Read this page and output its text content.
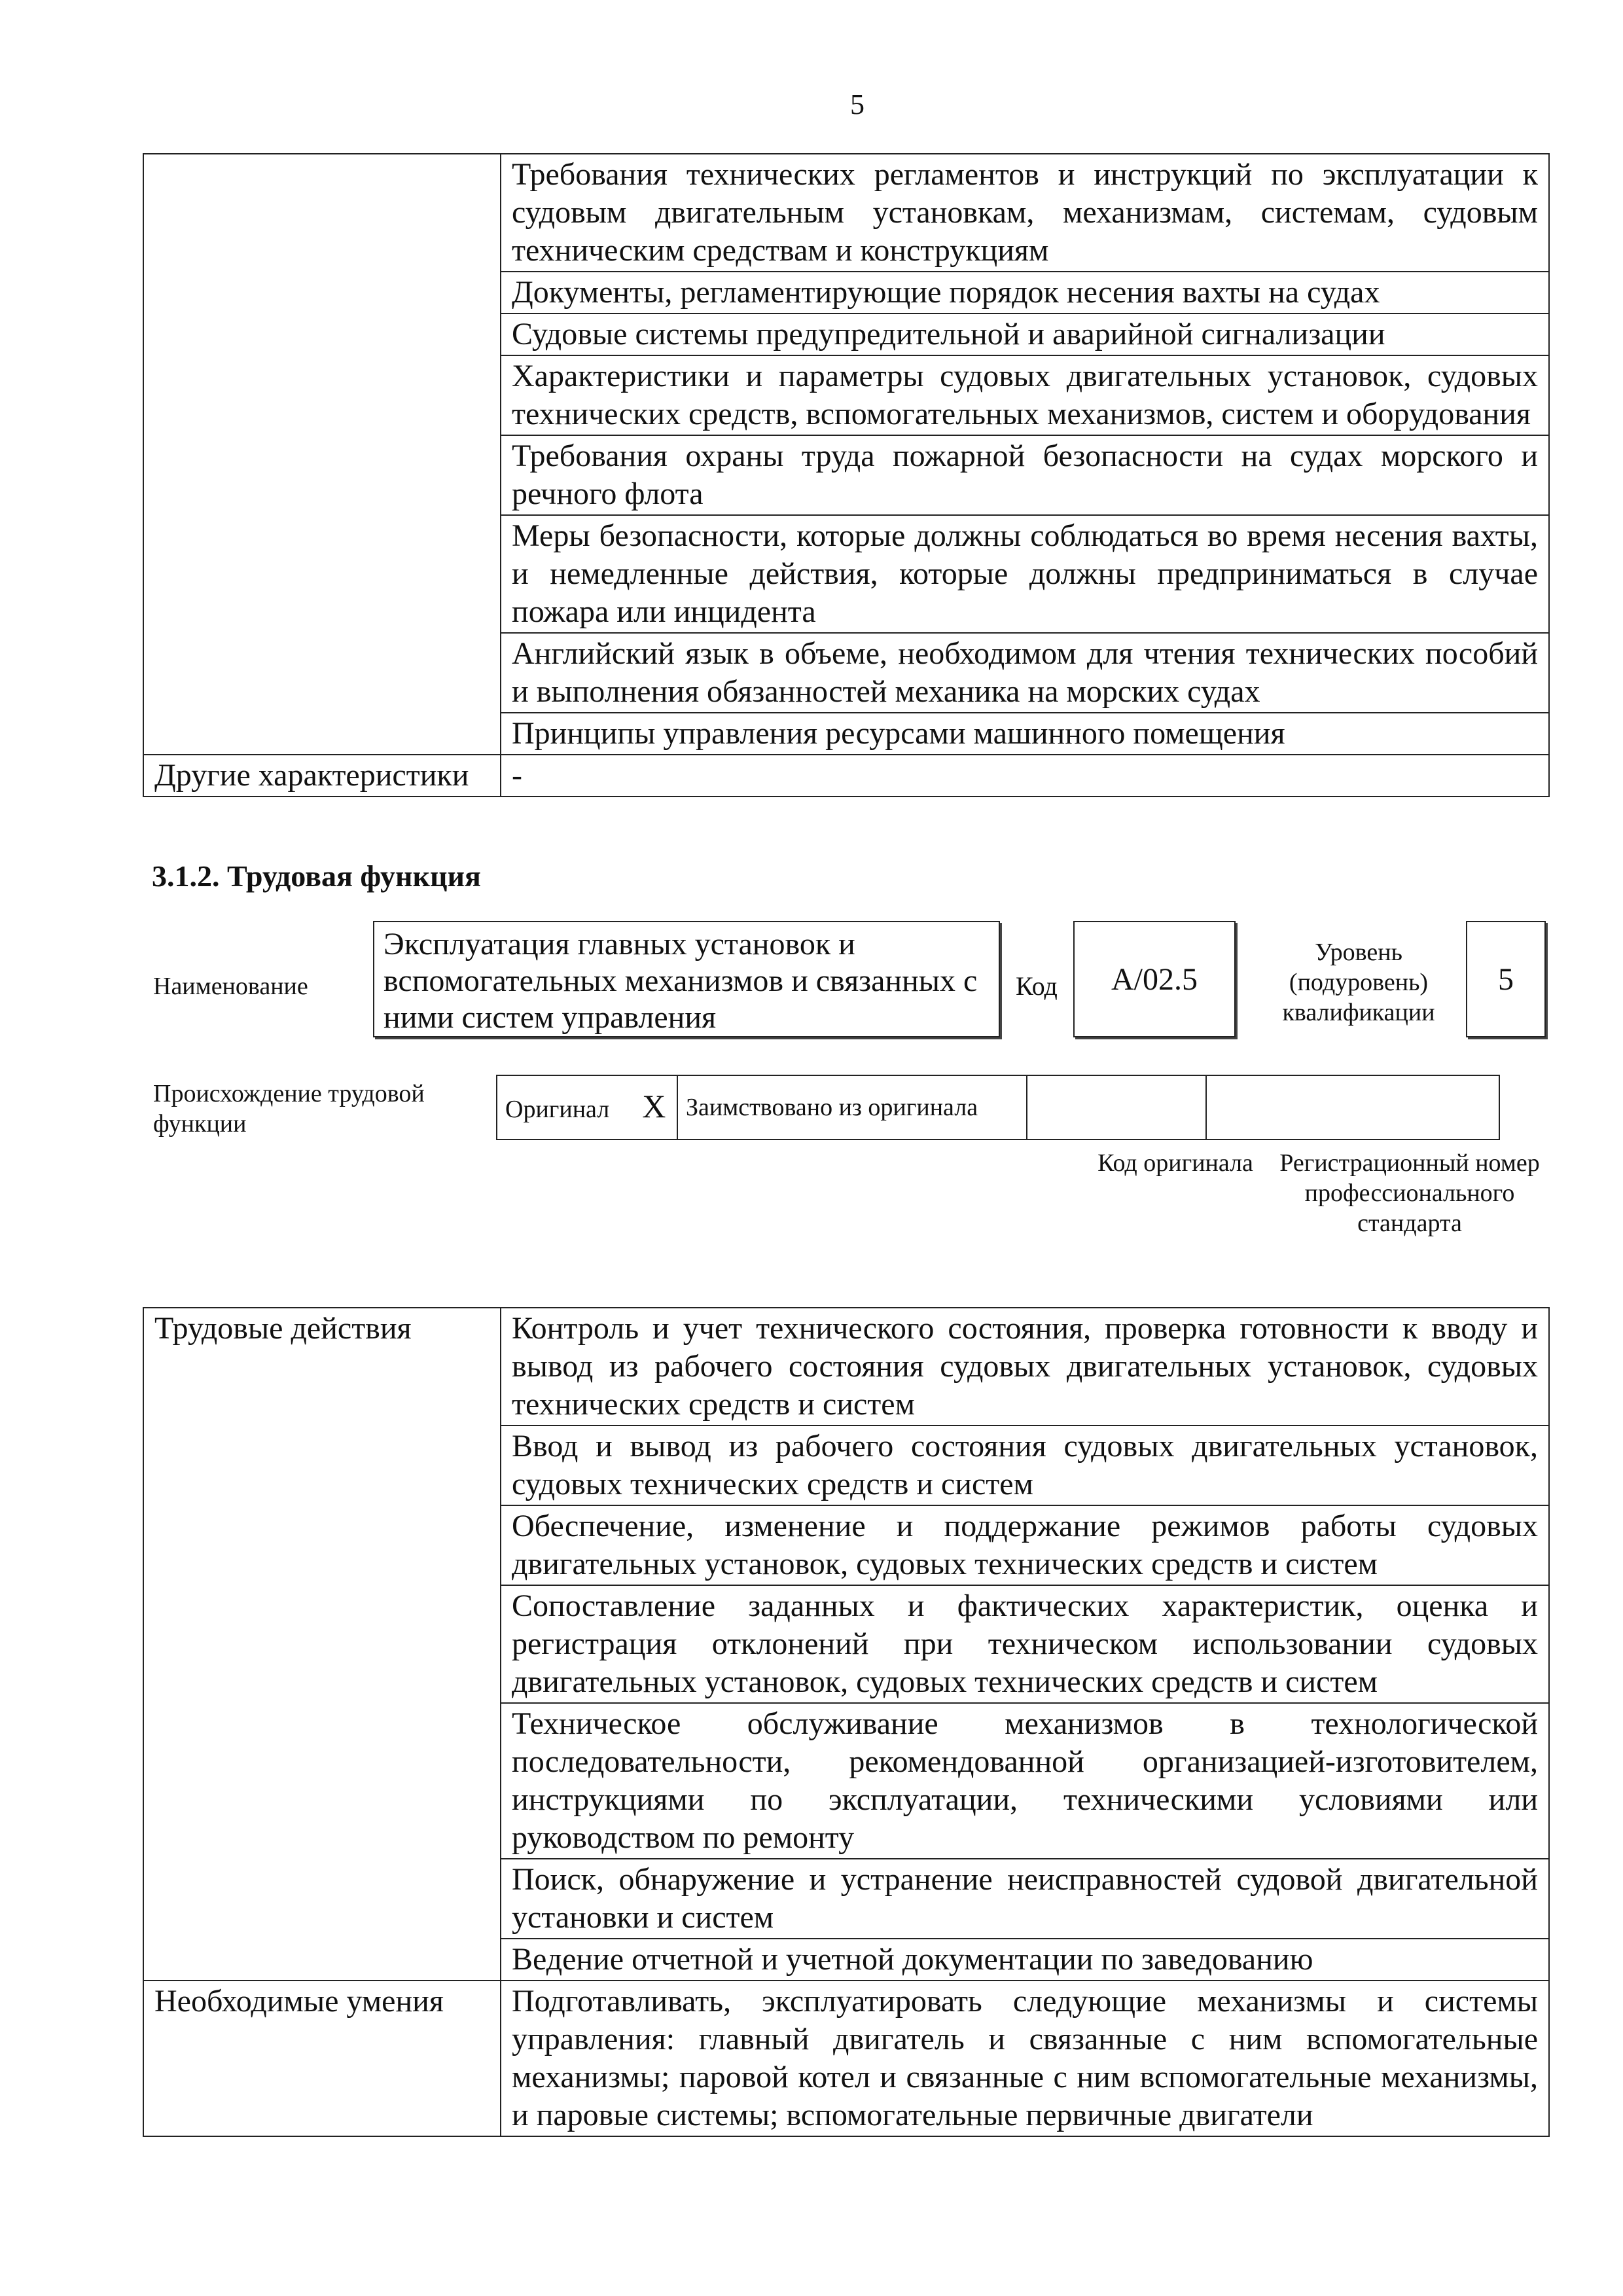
5
	Требования технических регламентов и инструкций по эксплуатации к судовым двигательным установкам, механизмам, системам, судовым техническим средствам и конструкциям
	Документы, регламентирующие порядок несения вахты на судах
	Судовые системы предупредительной и аварийной сигнализации
	Характеристики и параметры судовых двигательных установок, судовых технических средств, вспомогательных механизмов, систем и оборудования
	Требования охраны труда пожарной безопасности на судах морского и речного флота
	Меры безопасности, которые должны соблюдаться во время несения вахты, и немедленные действия, которые должны предприниматься в случае пожара или инцидента
	Английский язык в объеме, необходимом для чтения технических пособий и выполнения обязанностей механика на морских судах
	Принципы управления ресурсами машинного помещения
Другие характеристики	-
3.1.2. Трудовая функция
Наименование
Эксплуатация главных установок и вспомогательных механизмов и связанных с ними систем управления
Код	A/02.5
Уровень (подуровень) квалификации
5
Происхождение трудовой функции
Оригинал X	Заимствовано из оригинала		
Код оригинала Регистрационный номер профессионального стандарта
Трудовые действия	Контроль и учет технического состояния, проверка готовности к вводу и вывод из рабочего состояния судовых двигательных установок, судовых технических средств и систем
	Ввод и вывод из рабочего состояния судовых двигательных установок, судовых технических средств и систем
	Обеспечение, изменение и поддержание режимов работы судовых двигательных установок, судовых технических средств и систем
	Сопоставление заданных и фактических характеристик, оценка и регистрация отклонений при техническом использовании судовых двигательных установок, судовых технических средств и систем
	Техническое обслуживание механизмов в технологической последовательности, рекомендованной организацией-изготовителем, инструкциями по эксплуатации, техническими условиями или руководством по ремонту
	Поиск, обнаружение и устранение неисправностей судовой двигательной установки и систем
	Ведение отчетной и учетной документации по заведованию
Необходимые умения	Подготавливать, эксплуатировать следующие механизмы и системы управления: главный двигатель и связанные с ним вспомогательные механизмы; паровой котел и связанные с ним вспомогательные механизмы, и паровые системы; вспомогательные первичные двигатели
